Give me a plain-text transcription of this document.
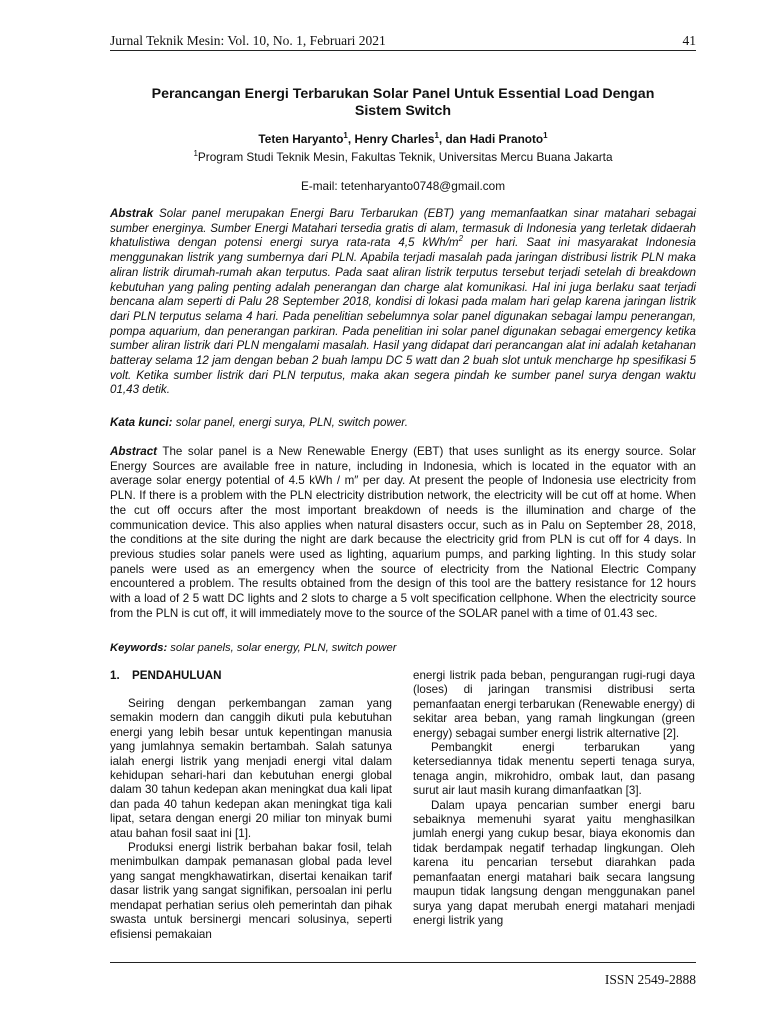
Jurnal Teknik Mesin: Vol. 10, No. 1, Februari 2021	41
Perancangan Energi Terbarukan Solar Panel Untuk Essential Load Dengan
Sistem Switch
Teten Haryanto$^1$, Henry Charles$^1$, dan Hadi Pranoto$^1$
$^1$Program Studi Teknik Mesin, Fakultas Teknik, Universitas Mercu Buana Jakarta
E-mail: tetenharyanto0748@gmail.com
Abstrak Solar panel merupakan Energi Baru Terbarukan (EBT) yang memanfaatkan sinar matahari sebagai sumber energinya. Sumber Energi Matahari tersedia gratis di alam, termasuk di Indonesia yang terletak didaerah khatulistiwa dengan potensi energi surya rata-rata 4,5 kWh/$m^2$ per hari. Saat ini masyarakat Indonesia menggunakan listrik yang sumbernya dari PLN. Apabila terjadi masalah pada jaringan distribusi listrik PLN maka aliran listrik dirumah-rumah akan terputus. Pada saat aliran listrik terputus tersebut terjadi setelah di breakdown kebutuhan yang paling penting adalah penerangan dan charge alat komunikasi. Hal ini juga berlaku saat terjadi bencana alam seperti di Palu 28 September 2018, kondisi di lokasi pada malam hari gelap karena jaringan listrik dari PLN terputus selama 4 hari. Pada penelitian sebelumnya solar panel digunakan sebagai lampu penerangan, pompa aquarium, dan penerangan parkiran. Pada penelitian ini solar panel digunakan sebagai emergency ketika sumber aliran listrik dari PLN mengalami masalah. Hasil yang didapat dari perancangan alat ini adalah ketahanan batteray selama 12 jam dengan beban 2 buah lampu DC 5 watt dan 2 buah slot untuk mencharge hp spesifikasi 5 volt. Ketika sumber listrik dari PLN terputus, maka akan segera pindah ke sumber panel surya dengan waktu 01,43 detik.
Kata kunci: solar panel, energi surya, PLN, switch power.
Abstract The solar panel is a New Renewable Energy (EBT) that uses sunlight as its energy source. Solar Energy Sources are available free in nature, including in Indonesia, which is located in the equator with an average solar energy potential of 4.5 kWh / m″ per day. At present the people of Indonesia use electricity from PLN. If there is a problem with the PLN electricity distribution network, the electricity will be cut off at home. When the cut off occurs after the most important breakdown of needs is the illumination and charge of the communication device. This also applies when natural disasters occur, such as in Palu on September 28, 2018, the conditions at the site during the night are dark because the electricity grid from PLN is cut off for 4 days. In previous studies solar panels were used as lighting, aquarium pumps, and parking lighting. In this study solar panels were used as an emergency when the source of electricity from the National Electric Company encountered a problem. The results obtained from the design of this tool are the battery resistance for 12 hours with a load of 2 5 watt DC lights and 2 slots to charge a 5 volt specification cellphone. When the electricity source from the PLN is cut off, it will immediately move to the source of the SOLAR panel with a time of 01.43 sec.
Keywords: solar panels, solar energy, PLN, switch power
1. PENDAHULUAN

Seiring dengan perkembangan zaman yang semakin modern dan canggih dikuti pula kebutuhan energi yang lebih besar untuk kepentingan manusia yang jumlahnya semakin bertambah. Salah satunya ialah energi listrik yang menjadi energi vital dalam kehidupan sehari-hari dan kebutuhan energi global dalam 30 tahun kedepan akan meningkat dua kali lipat dan pada 40 tahun kedepan akan meningkat tiga kali lipat, setara dengan energi 20 miliar ton minyak bumi atau bahan fosil saat ini [1].

Produksi energi listrik berbahan bakar fosil, telah menimbulkan dampak pemanasan global pada level yang sangat mengkhawatirkan, disertai kenaikan tarif dasar listrik yang sangat signifikan, persoalan ini perlu mendapat perhatian serius oleh pemerintah dan pihak swasta untuk bersinergi mencari solusinya, seperti efisiensi pemakaian

energi listrik pada beban, pengurangan rugi-rugi daya (loses) di jaringan transmisi distribusi serta pemanfaatan energi terbarukan (Renewable energy) di sekitar area beban, yang ramah lingkungan (green energy) sebagai sumber energi listrik alternative [2].

Pembangkit energi terbarukan yang ketersediannya tidak menentu seperti tenaga surya, tenaga angin, mikrohidro, ombak laut, dan pasang surut air laut masih kurang dimanfaatkan [3].

Dalam upaya pencarian sumber energi baru sebaiknya memenuhi syarat yaitu menghasilkan jumlah energi yang cukup besar, biaya ekonomis dan tidak berdampak negatif terhadap lingkungan. Oleh karena itu pencarian tersebut diarahkan pada pemanfaatan energi matahari baik secara langsung maupun tidak langsung dengan menggunakan panel surya yang dapat merubah energi matahari menjadi energi listrik yang

ISSN 2549-2888
